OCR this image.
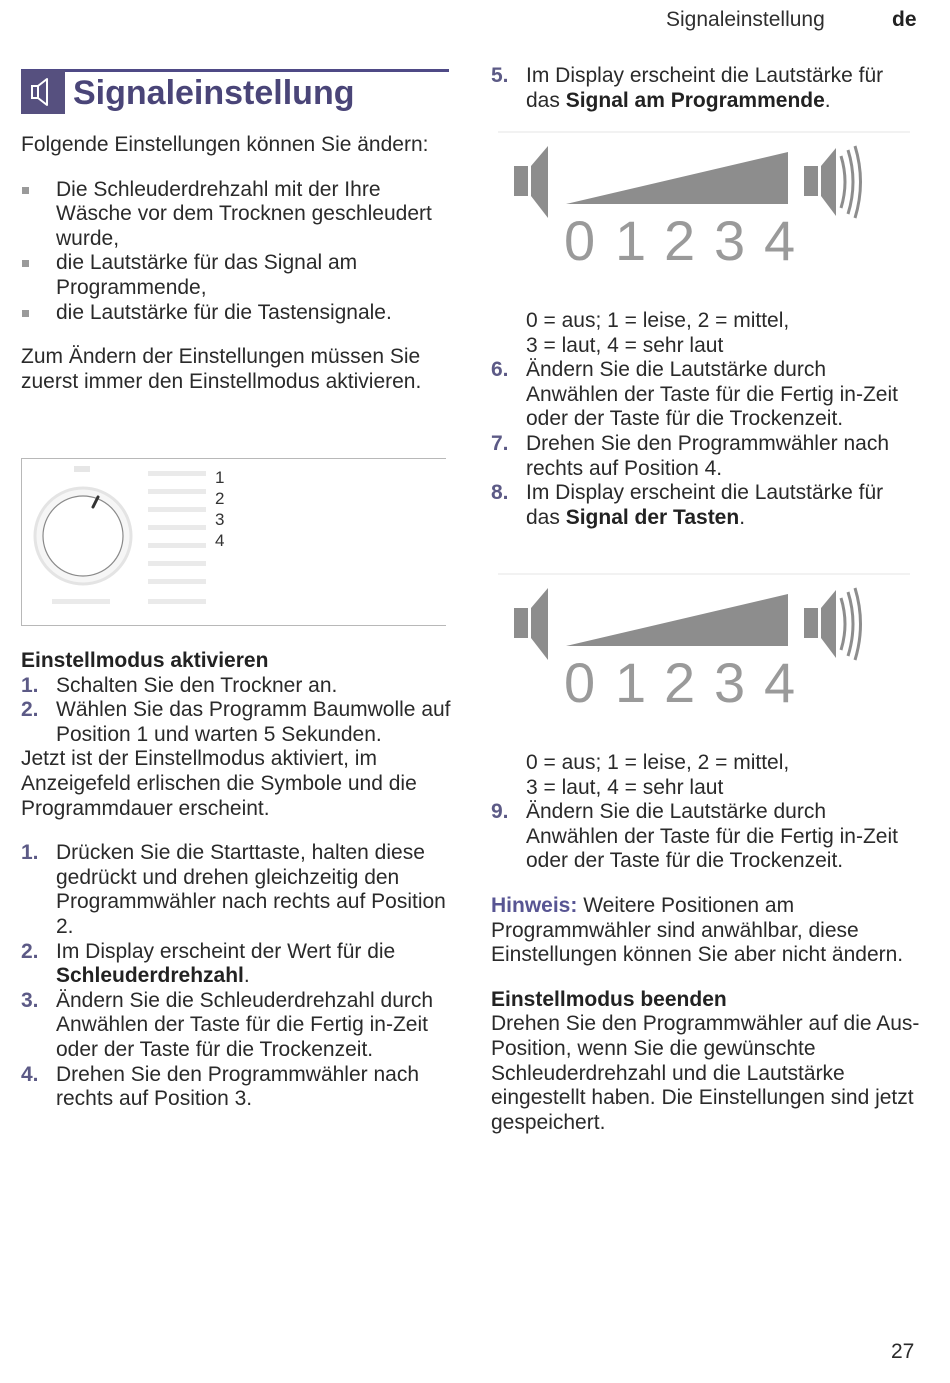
Signaleinstellung	de
Signaleinstellung

Folgende Einstellungen können Sie ändern:

Die Schleuderdrehzahl mit der Ihre Wäsche vor dem Trocknen geschleudert wurde,
die Lautstärke für das Signal am Programmende,
die Lautstärke für die Tastensignale.

Zum Ändern der Einstellungen müssen Sie zuerst immer den Einstellmodus aktivieren.

1
2
3
4
Einstellmodus aktivieren
1. Schalten Sie den Trockner an.
2. Wählen Sie das Programm Baumwolle auf Position 1 und warten 5 Sekunden.

Jetzt ist der Einstellmodus aktiviert, im Anzeigefeld erlischen die Symbole und die Programmdauer erscheint.

1. Drücken Sie die Starttaste, halten diese gedrückt und drehen gleichzeitig den Programmwähler nach rechts auf Position 2.
2. Im Display erscheint der Wert für die Schleuderdrehzahl.
3. Ändern Sie die Schleuderdrehzahl durch Anwählen der Taste für die Fertig in-Zeit oder der Taste für die Trockenzeit.
4. Drehen Sie den Programmwähler nach rechts auf Position 3.
5. Im Display erscheint die Lautstärke für das Signal am Programmende.
0 1 2 3 4
0 = aus; 1 = leise, 2 = mittel,
3 = laut, 4 = sehr laut
6. Ändern Sie die Lautstärke durch Anwählen der Taste für die Fertig in-Zeit oder der Taste für die Trockenzeit.
7. Drehen Sie den Programmwähler nach rechts auf Position 4.
8. Im Display erscheint die Lautstärke für das Signal der Tasten.
0 1 2 3 4
0 = aus; 1 = leise, 2 = mittel,
3 = laut, 4 = sehr laut
9. Ändern Sie die Lautstärke durch Anwählen der Taste für die Fertig in-Zeit oder der Taste für die Trockenzeit.

Hinweis: Weitere Positionen am Programmwähler sind anwählbar, diese Einstellungen können Sie aber nicht ändern.

Einstellmodus beenden

Drehen Sie den Programmwähler auf die Aus-Position, wenn Sie die gewünschte Schleuderdrehzahl und die Lautstärke eingestellt haben. Die Einstellungen sind jetzt gespeichert.

27
